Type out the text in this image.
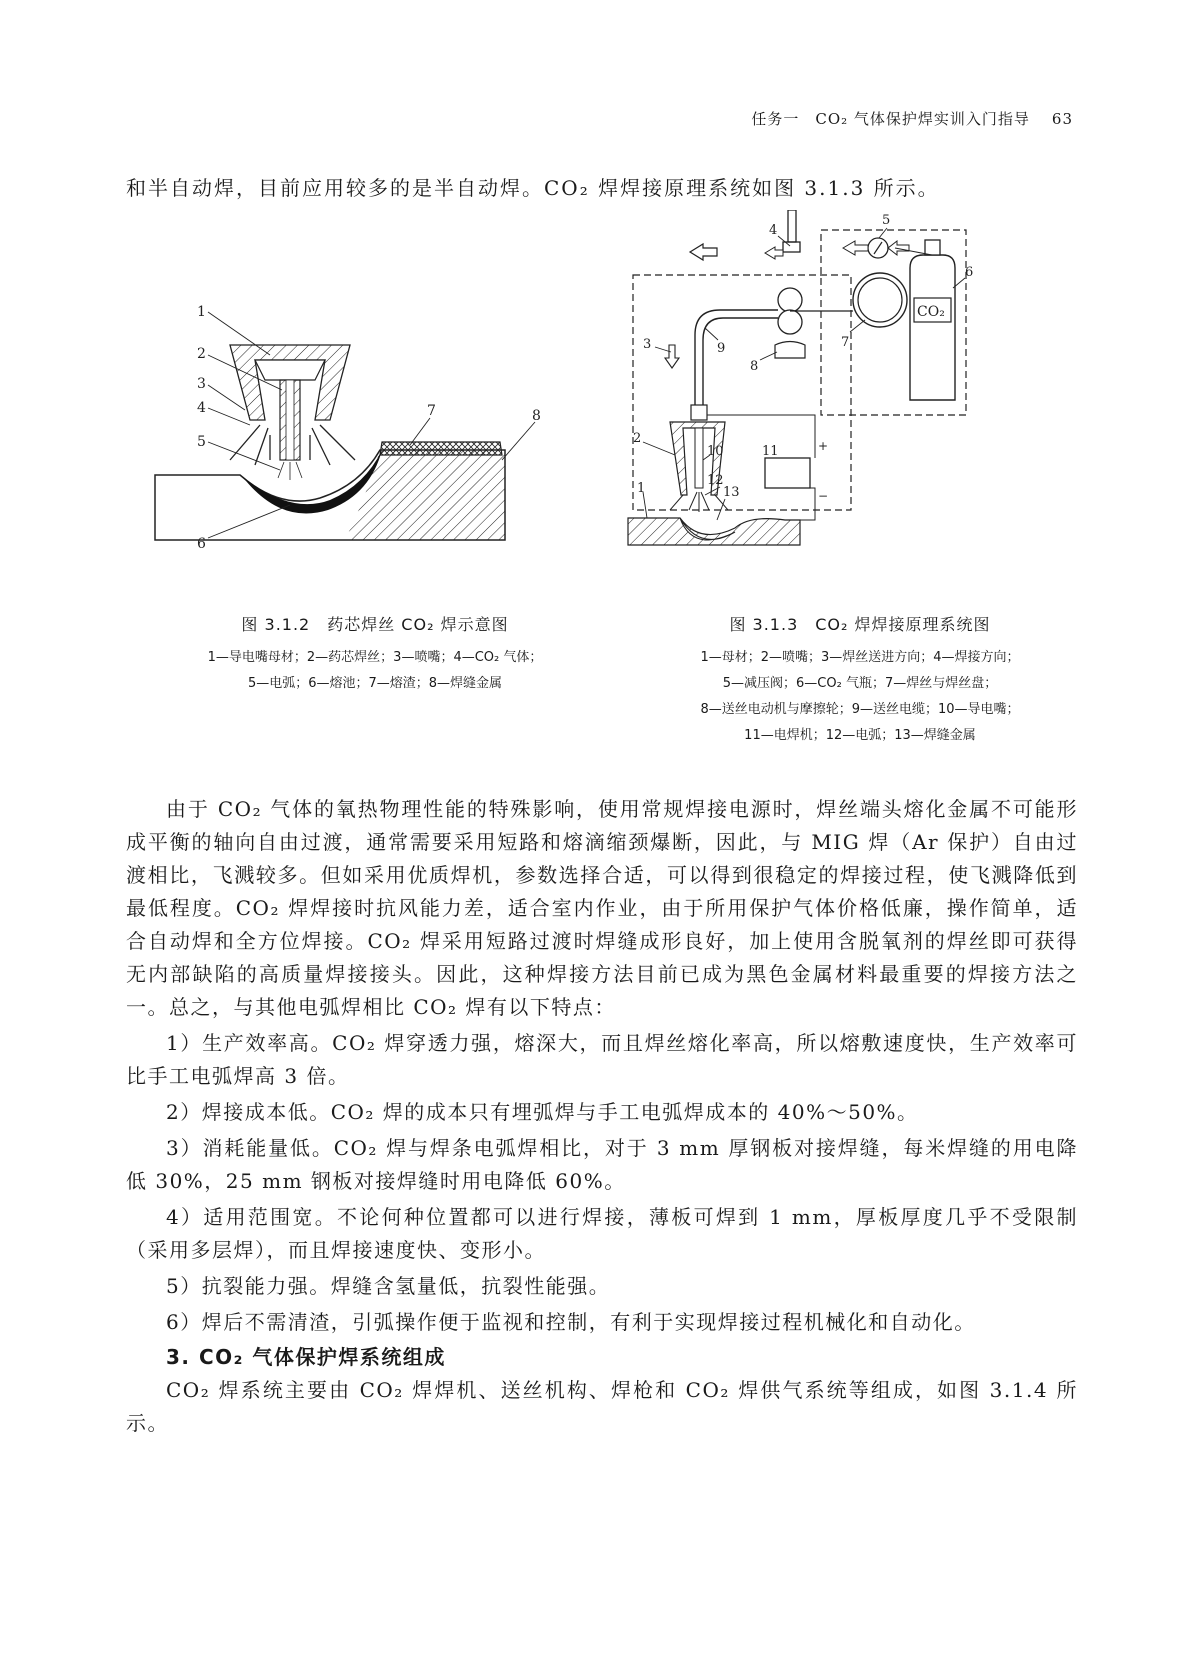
任务一　CO₂ 气体保护焊实训入门指导 63
和半自动焊，目前应用较多的是半自动焊。CO₂ 焊焊接原理系统如图 3.1.3 所示。
1
2
3
4
5
6
7	8
CO₂
+
−
1
2
3
4
5
6
7
8
9
10	11
12
13
图 3.1.2　药芯焊丝 CO₂ 焊示意图
1—导电嘴母材；2—药芯焊丝；3—喷嘴；4—CO₂ 气体；
5—电弧；6—熔池；7—熔渣；8—焊缝金属
图 3.1.3　CO₂ 焊焊接原理系统图
1—母材；2—喷嘴；3—焊丝送进方向；4—焊接方向；
5—减压阀；6—CO₂ 气瓶；7—焊丝与焊丝盘；
8—送丝电动机与摩擦轮；9—送丝电缆；10—导电嘴；
11—电焊机；12—电弧；13—焊缝金属

由于 CO₂ 气体的氧热物理性能的特殊影响，使用常规焊接电源时，焊丝端头熔化金属不可能形成平衡的轴向自由过渡，通常需要采用短路和熔滴缩颈爆断，因此，与 MIG 焊（Ar 保护）自由过渡相比，飞溅较多。但如采用优质焊机，参数选择合适，可以得到很稳定的焊接过程，使飞溅降低到最低程度。CO₂ 焊焊接时抗风能力差，适合室内作业，由于所用保护气体价格低廉，操作简单，适合自动焊和全方位焊接。CO₂ 焊采用短路过渡时焊缝成形良好，加上使用含脱氧剂的焊丝即可获得无内部缺陷的高质量焊接接头。因此，这种焊接方法目前已成为黑色金属材料最重要的焊接方法之一。总之，与其他电弧焊相比 CO₂ 焊有以下特点：

1）生产效率高。CO₂ 焊穿透力强，熔深大，而且焊丝熔化率高，所以熔敷速度快，生产效率可比手工电弧焊高 3 倍。

2）焊接成本低。CO₂ 焊的成本只有埋弧焊与手工电弧焊成本的 40%～50%。

3）消耗能量低。CO₂ 焊与焊条电弧焊相比，对于 3 mm 厚钢板对接焊缝，每米焊缝的用电降低 30%，25 mm 钢板对接焊缝时用电降低 60%。

4）适用范围宽。不论何种位置都可以进行焊接，薄板可焊到 1 mm，厚板厚度几乎不受限制（采用多层焊），而且焊接速度快、变形小。

5）抗裂能力强。焊缝含氢量低，抗裂性能强。

6）焊后不需清渣，引弧操作便于监视和控制，有利于实现焊接过程机械化和自动化。

3. CO₂ 气体保护焊系统组成

CO₂ 焊系统主要由 CO₂ 焊焊机、送丝机构、焊枪和 CO₂ 焊供气系统等组成，如图 3.1.4 所示。
